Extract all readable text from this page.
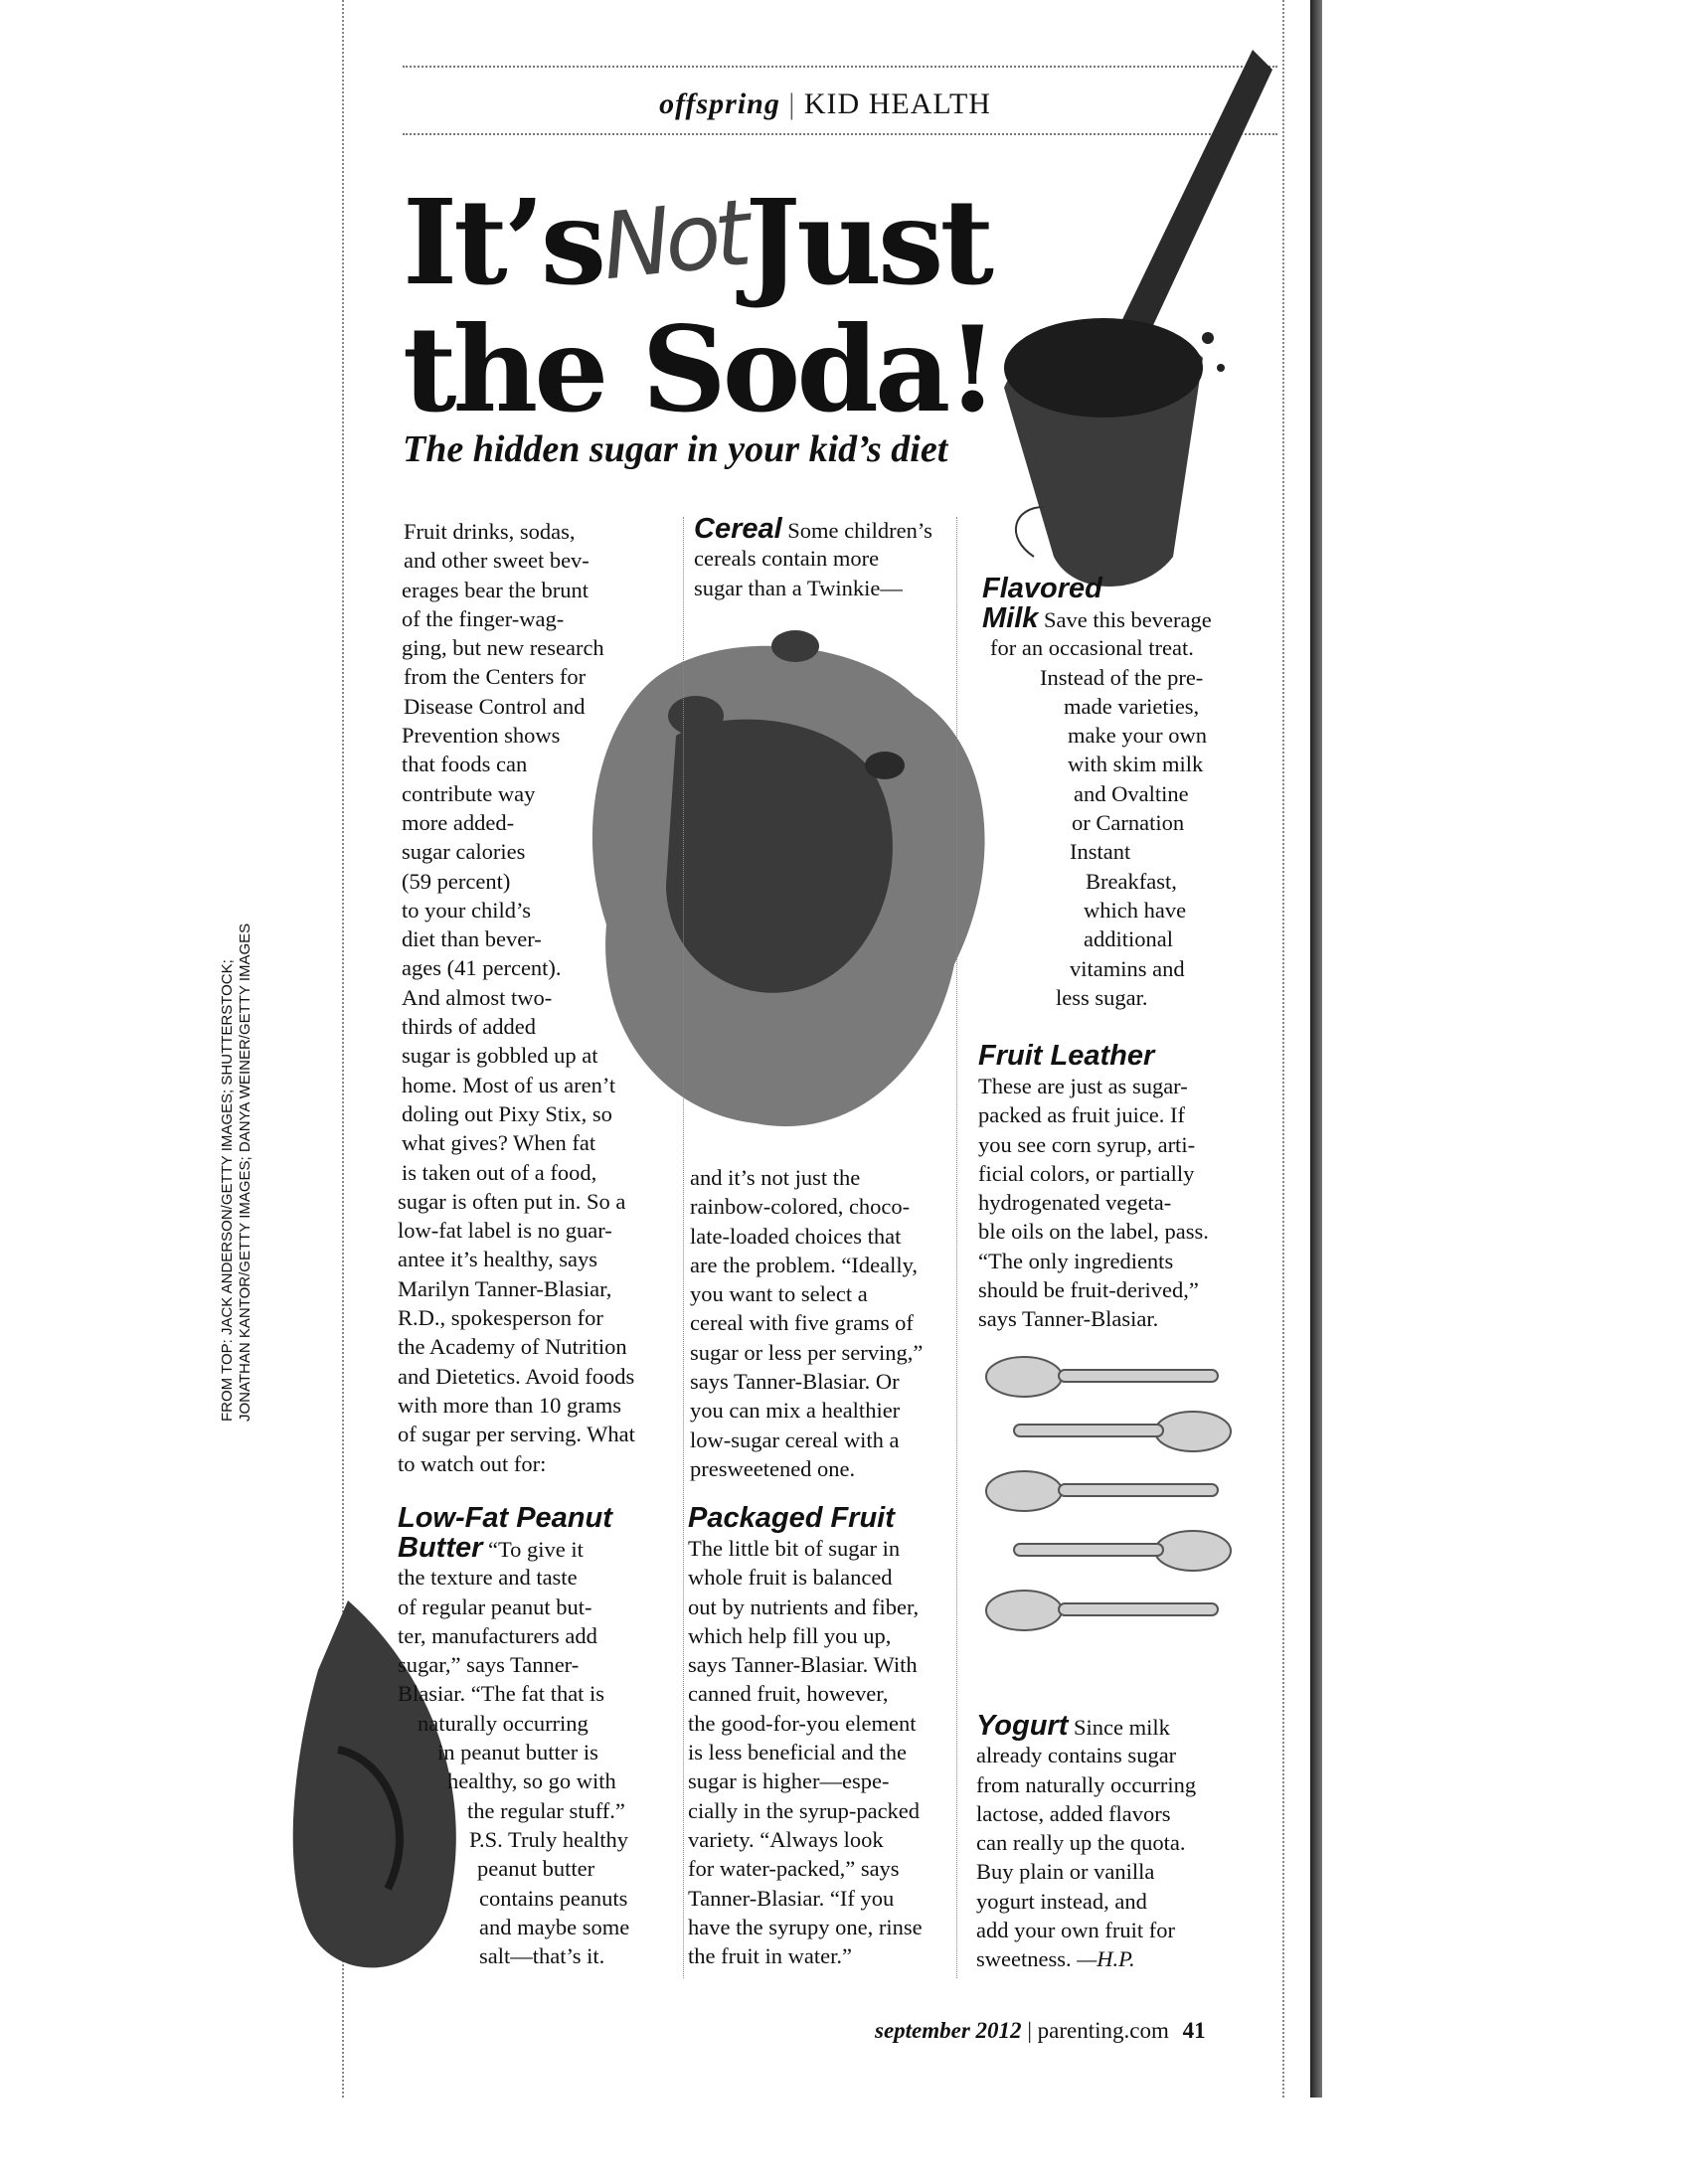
offspring | KID HEALTH
It’sNotJust
the Soda!
The hidden sugar in your kid’s diet
FROM TOP: JACK ANDERSON/GETTY IMAGES; SHUTTERSTOCK; JONATHAN KANTOR/GETTY IMAGES; DANYA WEINER/GETTY IMAGES
Fruit drinks, sodas,
and other sweet bev-
erages bear the brunt
of the finger-wag-
ging, but new research
from the Centers for
Disease Control and
Prevention shows
that foods can
contribute way
more added-
sugar calories
(59 percent)
to your child’s
diet than bever-
ages (41 percent).
And almost two-
thirds of added
sugar is gobbled up at
home. Most of us aren’t
doling out Pixy Stix, so
what gives? When fat
is taken out of a food,
sugar is often put in. So a
low-fat label is no guar-
antee it’s healthy, says
Marilyn Tanner-Blasiar,
R.D., spokesperson for
the Academy of Nutrition
and Dietetics. Avoid foods
with more than 10 grams
of sugar per serving. What
to watch out for:
Low-Fat Peanut
Butter “To give it
the texture and taste
of regular peanut but-
ter, manufacturers add
sugar,” says Tanner-
Blasiar. “The fat that is
naturally occurring
in peanut butter is
healthy, so go with
the regular stuff.”
P.S. Truly healthy
peanut butter
contains peanuts
and maybe some
salt—that’s it.
Cereal Some children’s
cereals contain more
sugar than a Twinkie—
and it’s not just the
rainbow-colored, choco-
late-loaded choices that
are the problem. “Ideally,
you want to select a
cereal with five grams of
sugar or less per serving,”
says Tanner-Blasiar. Or
you can mix a healthier
low-sugar cereal with a
presweetened one.
Packaged Fruit
The little bit of sugar in
whole fruit is balanced
out by nutrients and fiber,
which help fill you up,
says Tanner-Blasiar. With
canned fruit, however,
the good-for-you element
is less beneficial and the
sugar is higher—espe-
cially in the syrup-packed
variety. “Always look
for water-packed,” says
Tanner-Blasiar. “If you
have the syrupy one, rinse
the fruit in water.”
Flavored
Milk Save this beverage
for an occasional treat.
Instead of the pre-
made varieties,
make your own
with skim milk
and Ovaltine
or Carnation
Instant
Breakfast,
which have
additional
vitamins and
less sugar.
Fruit Leather
These are just as sugar-
packed as fruit juice. If
you see corn syrup, arti-
ficial colors, or partially
hydrogenated vegeta-
ble oils on the label, pass.
“The only ingredients
should be fruit-derived,”
says Tanner-Blasiar.
Yogurt Since milk
already contains sugar
from naturally occurring
lactose, added flavors
can really up the quota.
Buy plain or vanilla
yogurt instead, and
add your own fruit for
sweetness. —H.P.
september 2012 | parenting.com 41
